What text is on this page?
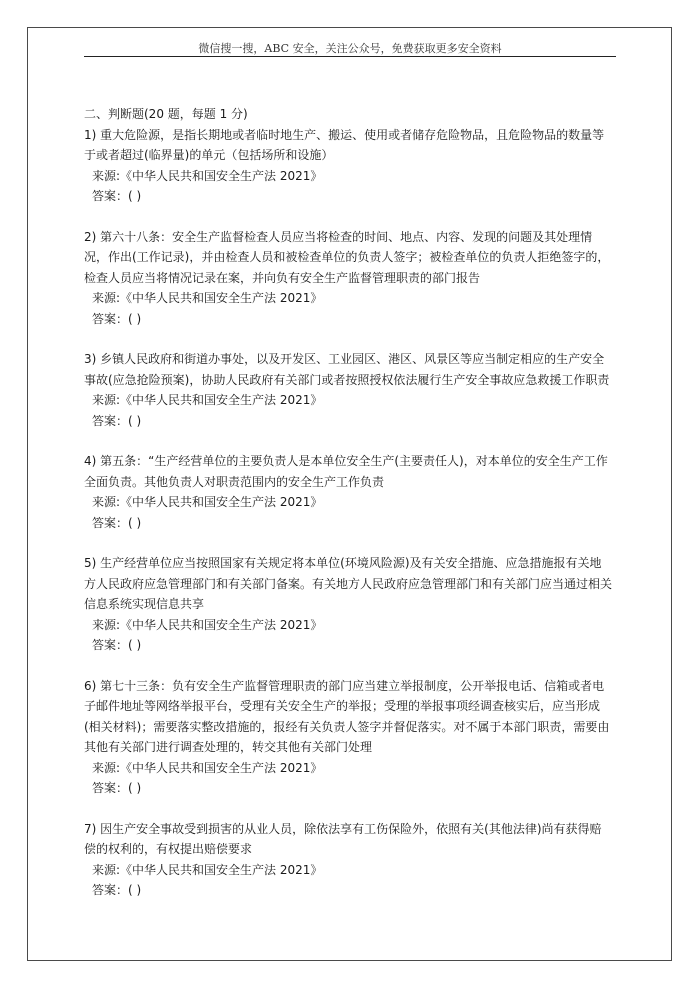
微信搜一搜，ABC 安全，关注公众号，免费获取更多安全资料

二、判断题(20 题，每题 1 分)

1) 重大危险源，是指长期地或者临时地生产、搬运、使用或者储存危险物品，且危险物品的数量等于或者超过(临界量)的单元（包括场所和设施）

来源:《中华人民共和国安全生产法 2021》

答案：( )

2) 第六十八条：安全生产监督检查人员应当将检查的时间、地点、内容、发现的问题及其处理情况，作出(工作记录)，并由检查人员和被检查单位的负责人签字；被检查单位的负责人拒绝签字的，检查人员应当将情况记录在案，并向负有安全生产监督管理职责的部门报告

来源:《中华人民共和国安全生产法 2021》

答案：( )

3) 乡镇人民政府和街道办事处，以及开发区、工业园区、港区、风景区等应当制定相应的生产安全事故(应急抢险预案)，协助人民政府有关部门或者按照授权依法履行生产安全事故应急救援工作职责

来源:《中华人民共和国安全生产法 2021》

答案：( )

4) 第五条：“生产经营单位的主要负责人是本单位安全生产(主要责任人)，对本单位的安全生产工作全面负责。其他负责人对职责范围内的安全生产工作负责

来源:《中华人民共和国安全生产法 2021》

答案：( )

5) 生产经营单位应当按照国家有关规定将本单位(环境风险源)及有关安全措施、应急措施报有关地方人民政府应急管理部门和有关部门备案。有关地方人民政府应急管理部门和有关部门应当通过相关信息系统实现信息共享

来源:《中华人民共和国安全生产法 2021》

答案：( )

6) 第七十三条：负有安全生产监督管理职责的部门应当建立举报制度，公开举报电话、信箱或者电子邮件地址等网络举报平台，受理有关安全生产的举报；受理的举报事项经调查核实后，应当形成(相关材料)；需要落实整改措施的，报经有关负责人签字并督促落实。对不属于本部门职责，需要由其他有关部门进行调查处理的，转交其他有关部门处理

来源:《中华人民共和国安全生产法 2021》

答案：( )

7) 因生产安全事故受到损害的从业人员，除依法享有工伤保险外，依照有关(其他法律)尚有获得赔偿的权利的，有权提出赔偿要求

来源:《中华人民共和国安全生产法 2021》

答案：( )
